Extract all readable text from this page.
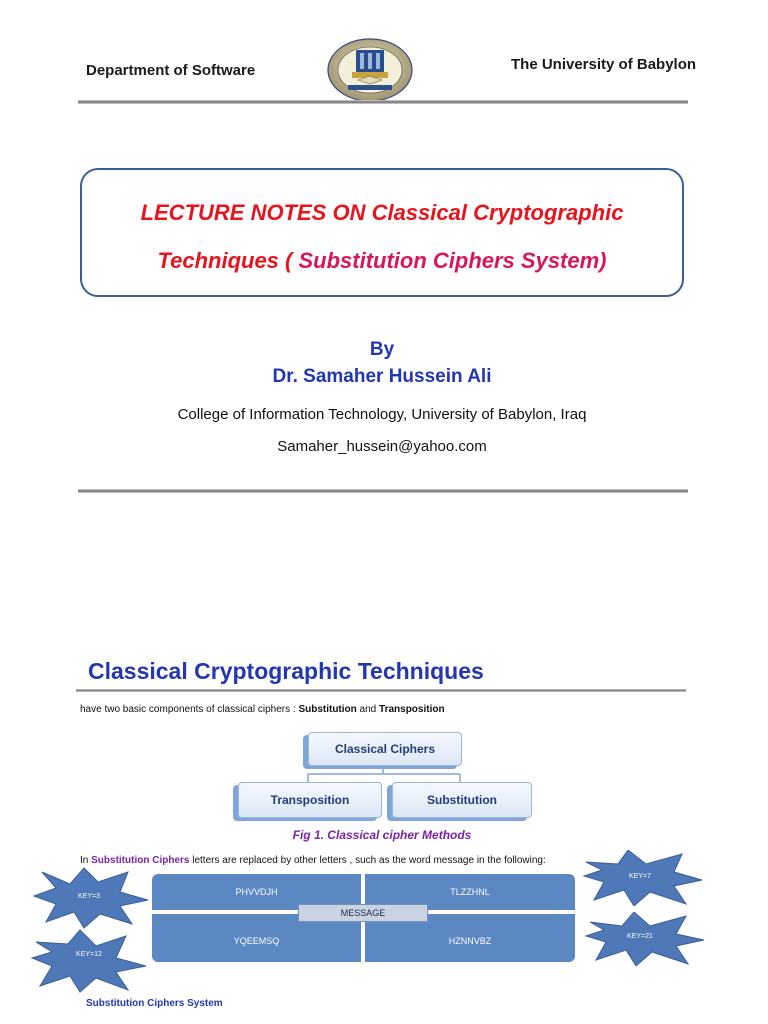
Department of Software	The University of Babylon
LECTURE NOTES ON Classical Cryptographic
Techniques ( Substitution Ciphers System)
By
Dr. Samaher Hussein Ali
College of Information Technology, University of Babylon, Iraq
Samaher_hussein@yahoo.com
Classical Cryptographic Techniques
have two basic components of classical ciphers : Substitution and Transposition
Classical Ciphers
Transposition	Substitution
Fig 1. Classical cipher Methods
In Substitution Ciphers letters are replaced by other letters , such as the word message in the following:
PHVVDJH	TLZZHNL
YQEEMSQ	HZNNVBZ
MESSAGE
KEY=3
KEY=12
KEY=7
KEY=21
Substitution Ciphers System
